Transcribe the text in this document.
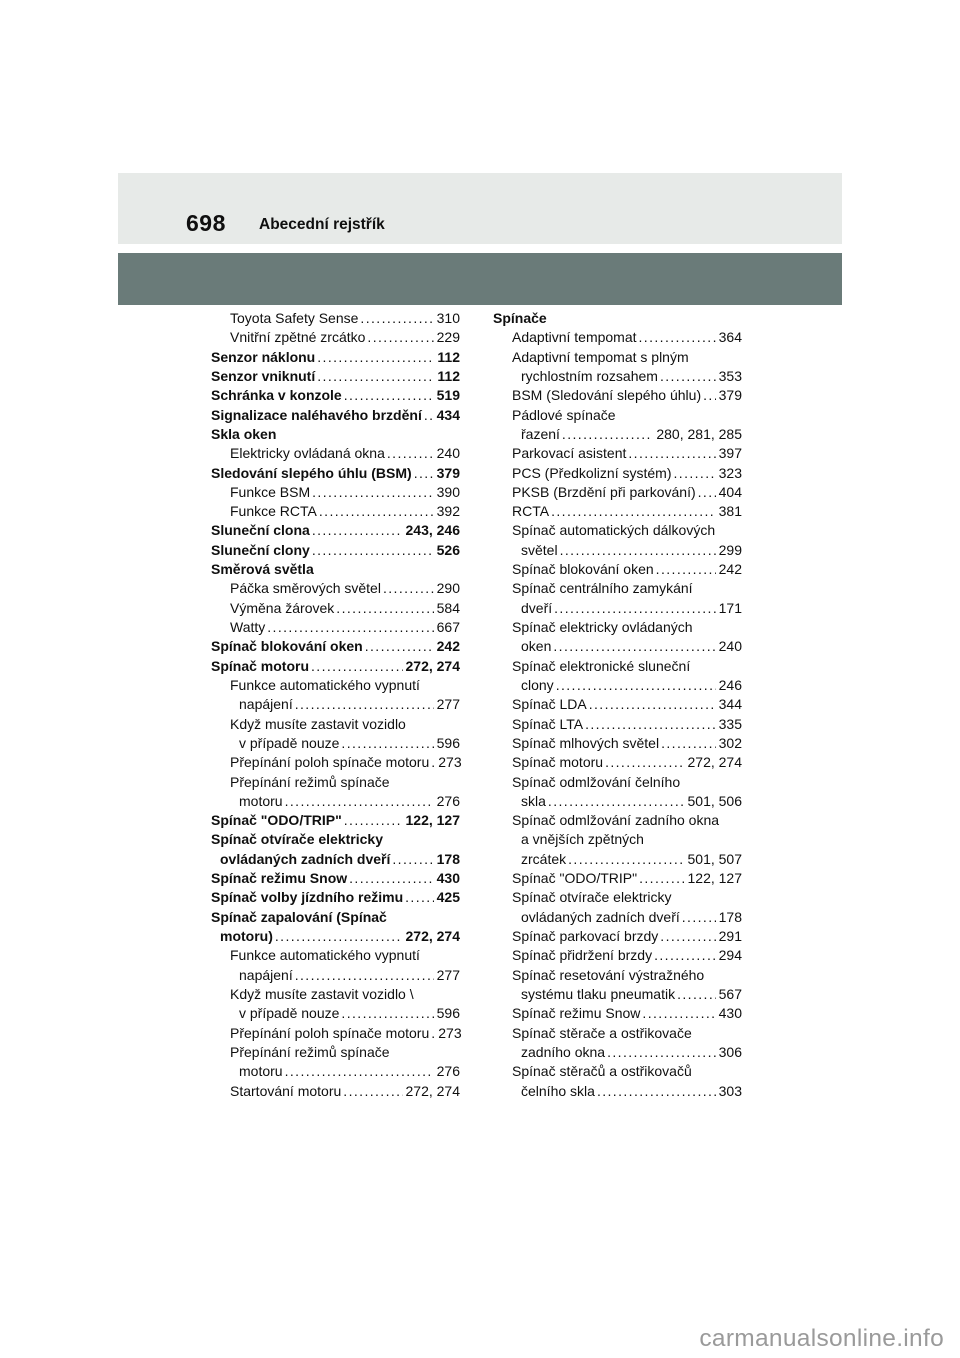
698 Abecední rejstřík
Toyota Safety Sense .....	310
Vnitřní zpětné zrcátko .....	229
Senzor náklonu .....	112
Senzor vniknutí .....	112
Schránka v konzole .....	519
Signalizace naléhavého brzdění ..... 434
Skla oken
Elektricky ovládaná okna .....	240
Sledování slepého úhlu (BSM) ..... 379
Funkce BSM .....	390
Funkce RCTA .....	392
Sluneční clona .....	243, 246
Sluneční clony .....	526
Směrová světla
Páčka směrových světel .....	290
Výměna žárovek .....	584
Watty .....	667
Spínač blokování oken .....	242
Spínač motoru .....	272, 274
Funkce automatického vypnutí
napájení .....	277
Když musíte zastavit vozidlo
v případě nouze .....	596
Přepínání poloh spínače motoru ..... 273
Přepínání režimů spínače
motoru .....	276
Spínač "ODO/TRIP" .....	122, 127
Spínač otvírače elektricky
ovládaných zadních dveří .....	178
Spínač režimu Snow .....	430
Spínač volby jízdního režimu ..... 425
Spínač zapalování (Spínač
motoru) .....	272, 274
Funkce automatického vypnutí
napájení .....	277
Když musíte zastavit vozidlo \
v případě nouze .....	596
Přepínání poloh spínače motoru ..... 273
Přepínání režimů spínače
motoru .....	276
Startování motoru .....	272, 274
Spínače
Adaptivní tempomat .....	364
Adaptivní tempomat s plným
rychlostním rozsahem .....	353
BSM (Sledování slepého úhlu) ..... 379
Pádlové spínače
řazení .....	280, 281, 285
Parkovací asistent .....	397
PCS (Předkolizní systém) .....	323
PKSB (Brzdění při parkování) ..... 404
RCTA .....	381
Spínač automatických dálkových
světel .....	299
Spínač blokování oken .....	242
Spínač centrálního zamykání
dveří .....	171
Spínač elektricky ovládaných
oken .....	240
Spínač elektronické sluneční
clony .....	246
Spínač LDA .....	344
Spínač LTA .....	335
Spínač mlhových světel .....	302
Spínač motoru .....	272, 274
Spínač odmlžování čelního
skla .....	501, 506
Spínač odmlžování zadního okna
a vnějších zpětných
zrcátek .....	501, 507
Spínač "ODO/TRIP" .....	122, 127
Spínač otvírače elektricky
ovládaných zadních dveří .....	178
Spínač parkovací brzdy .....	291
Spínač přidržení brzdy .....	294
Spínač resetování výstražného
systému tlaku pneumatik .....	567
Spínač režimu Snow .....	430
Spínač stěrače a ostřikovače
zadního okna .....	306
Spínač stěračů a ostřikovačů
čelního skla .....	303
carmanualsonline.info
